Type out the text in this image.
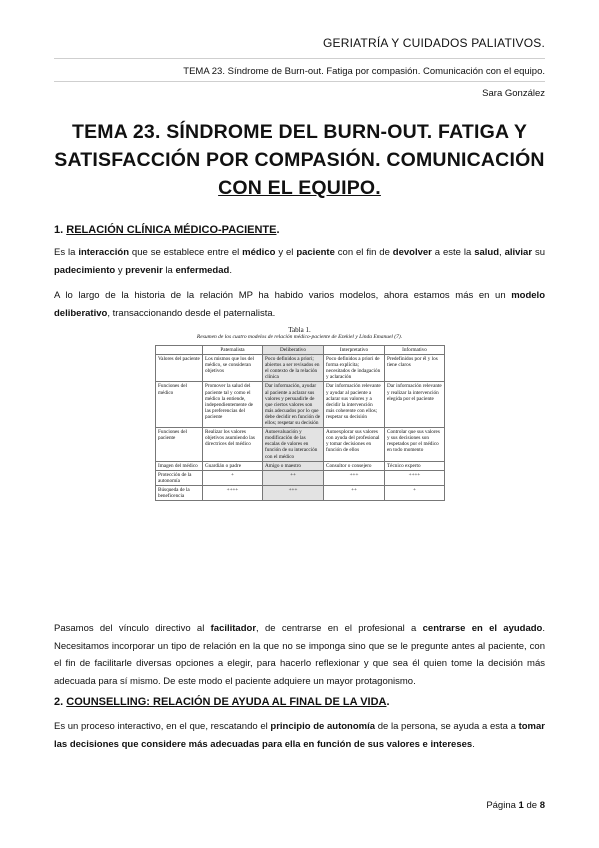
GERIATRÍA Y CUIDADOS PALIATIVOS.
TEMA 23. Síndrome de Burn-out. Fatiga por compasión. Comunicación con el equipo.
Sara González
TEMA 23. SÍNDROME DEL BURN-OUT. FATIGA Y
SATISFACCIÓN POR COMPASIÓN. COMUNICACIÓN
CON EL EQUIPO.
1. RELACIÓN CLÍNICA MÉDICO-PACIENTE.
Es la interacción que se establece entre el médico y el paciente con el fin de devolver a este la salud, aliviar su padecimiento y prevenir la enfermedad.
A lo largo de la historia de la relación MP ha habido varios modelos, ahora estamos más en un modelo deliberativo, transaccionando desde el paternalista.
Tabla 1.
Resumen de los cuatro modelos de relación médico-paciente de Ezekiel y Linda Emanuel (7).
	Paternalista	Deliberativo	Interpretativo	Informativo
Valores del paciente	Los mismos que los del médico, se consideran objetivos	Poco definidos a priori; abiertos a ser revisados en el contexto de la relación clínica	Poco definidos a priori de forma explícita; necesitados de indagación y aclaración	Predefinidos por él y los tiene claros
Funciones del médico	Promover la salud del paciente tal y como el médico la entiende, independientemente de las preferencias del paciente	Dar información, ayudar al paciente a aclarar sus valores y persuadirle de que ciertos valores son más adecuados por lo que debe decidir en función de ellos; respetar su decisión	Dar información relevante y ayudar al paciente a aclarar sus valores y a decidir la intervención más coherente con ellos; respetar su decisión	Dar información relevante y realizar la intervención elegida por el paciente
Funciones del paciente	Realizar los valores objetivos asumiendo las directrices del médico	Autoevaluación y modificación de las escalas de valores en función de su interacción con el médico	Autoexplorar sus valores con ayuda del profesional y tomar decisiones en función de ellos	Controlar que sus valores y sus decisiones son respetados por el médico en todo momento
Imagen del médico	Guardián o padre	Amigo o maestro	Consultor o consejero	Técnico experto
Protección de la autonomía	+	++	+++	++++
Búsqueda de la beneficencia	++++	+++	++	+
Pasamos del vínculo directivo al facilitador, de centrarse en el profesional a centrarse en el ayudado. Necesitamos incorporar un tipo de relación en la que no se imponga sino que se le pregunte antes al paciente, con el fin de facilitarle diversas opciones a elegir, para hacerlo reflexionar y que sea él quien tome la decisión más adecuada para sí mismo. De este modo el paciente adquiere un mayor protagonismo.
2. COUNSELLING: RELACIÓN DE AYUDA AL FINAL DE LA VIDA.
Es un proceso interactivo, en el que, rescatando el principio de autonomía de la persona, se ayuda a esta a tomar las decisiones que considere más adecuadas para ella en función de sus valores e intereses.
Página 1 de 8
